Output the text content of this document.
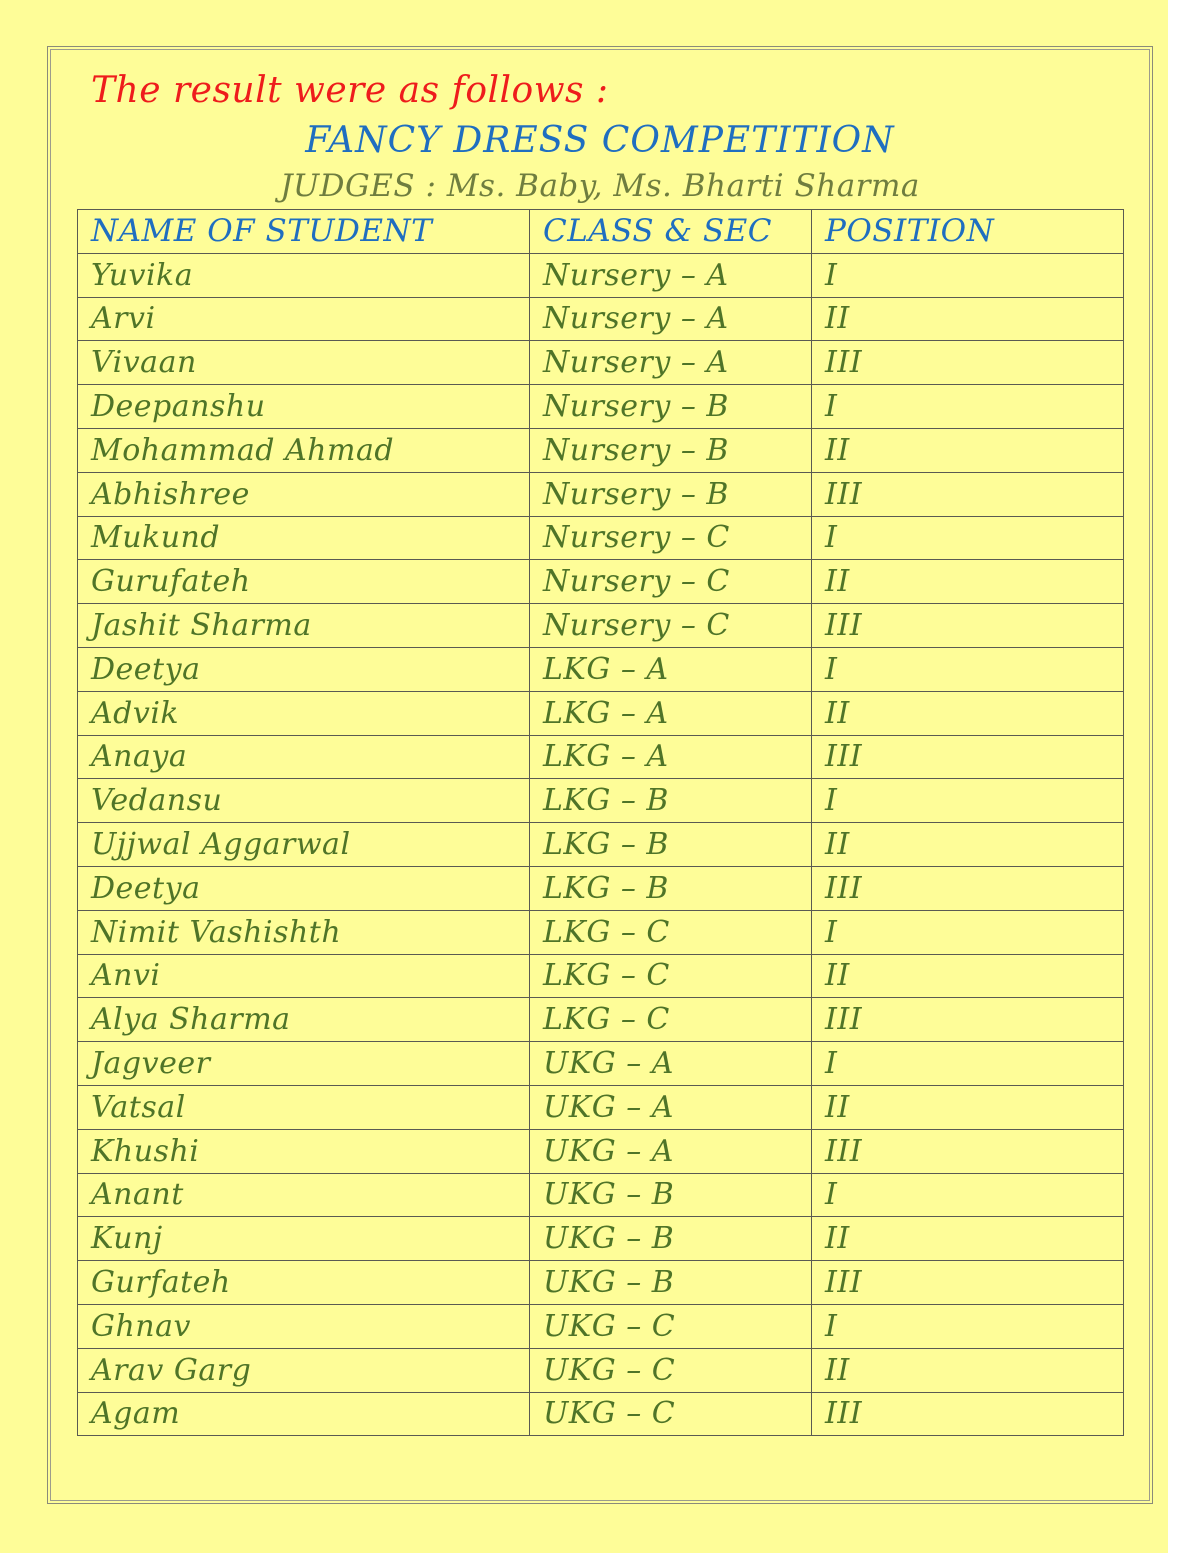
The result were as follows :

FANCY DRESS COMPETITION

JUDGES : Ms. Baby, Ms. Bharti Sharma

NAME OF STUDENT	CLASS & SEC	POSITION
Yuvika	Nursery – A	I
Arvi	Nursery – A	II
Vivaan	Nursery – A	III
Deepanshu	Nursery – B	I
Mohammad Ahmad	Nursery – B	II
Abhishree	Nursery – B	III
Mukund	Nursery – C	I
Gurufateh	Nursery – C	II
Jashit Sharma	Nursery – C	III
Deetya	LKG – A	I
Advik	LKG – A	II
Anaya	LKG – A	III
Vedansu	LKG – B	I
Ujjwal Aggarwal	LKG – B	II
Deetya	LKG – B	III
Nimit Vashishth	LKG – C	I
Anvi	LKG – C	II
Alya Sharma	LKG – C	III
Jagveer	UKG – A	I
Vatsal	UKG – A	II
Khushi	UKG – A	III
Anant	UKG – B	I
Kunj	UKG – B	II
Gurfateh	UKG – B	III
Ghnav	UKG – C	I
Arav Garg	UKG – C	II
Agam	UKG – C	III
